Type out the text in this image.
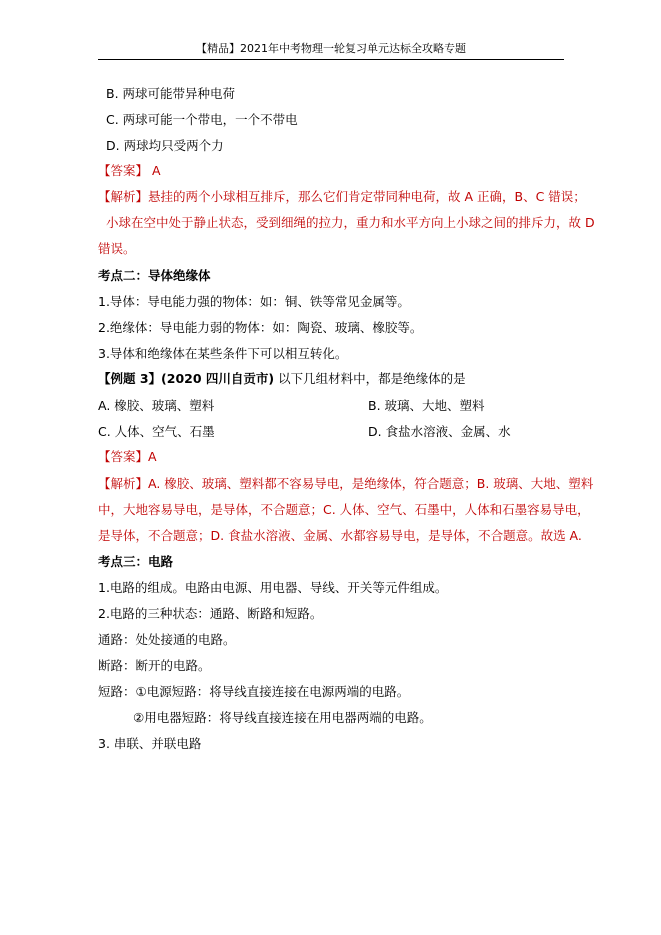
【精品】2021年中考物理一轮复习单元达标全攻略专题
B. 两球可能带异种电荷
C. 两球可能一个带电，一个不带电
D. 两球均只受两个力
【答案】 A
【解析】悬挂的两个小球相互排斥，那么它们肯定带同种电荷，故 A 正确，B、C 错误；
小球在空中处于静止状态，受到细绳的拉力，重力和水平方向上小球之间的排斥力，故 D
错误。
考点二：导体绝缘体
1.导体：导电能力强的物体：如：铜、铁等常见金属等。
2.绝缘体：导电能力弱的物体：如：陶瓷、玻璃、橡胶等。
3.导体和绝缘体在某些条件下可以相互转化。
【例题 3】(2020 四川自贡市) 以下几组材料中，都是绝缘体的是
A. 橡胶、玻璃、塑料	B. 玻璃、大地、塑料
C. 人体、空气、石墨	D. 食盐水溶液、金属、水
【答案】A
【解析】A. 橡胶、玻璃、塑料都不容易导电，是绝缘体，符合题意；B. 玻璃、大地、塑料
中，大地容易导电，是导体，不合题意；C. 人体、空气、石墨中，人体和石墨容易导电，
是导体，不合题意；D. 食盐水溶液、金属、水都容易导电，是导体，不合题意。故选 A.
考点三：电路
1.电路的组成。电路由电源、用电器、导线、开关等元件组成。
2.电路的三种状态：通路、断路和短路。
通路：处处接通的电路。
断路：断开的电路。
短路：①电源短路：将导线直接连接在电源两端的电路。
②用电器短路：将导线直接连接在用电器两端的电路。
3. 串联、并联电路
